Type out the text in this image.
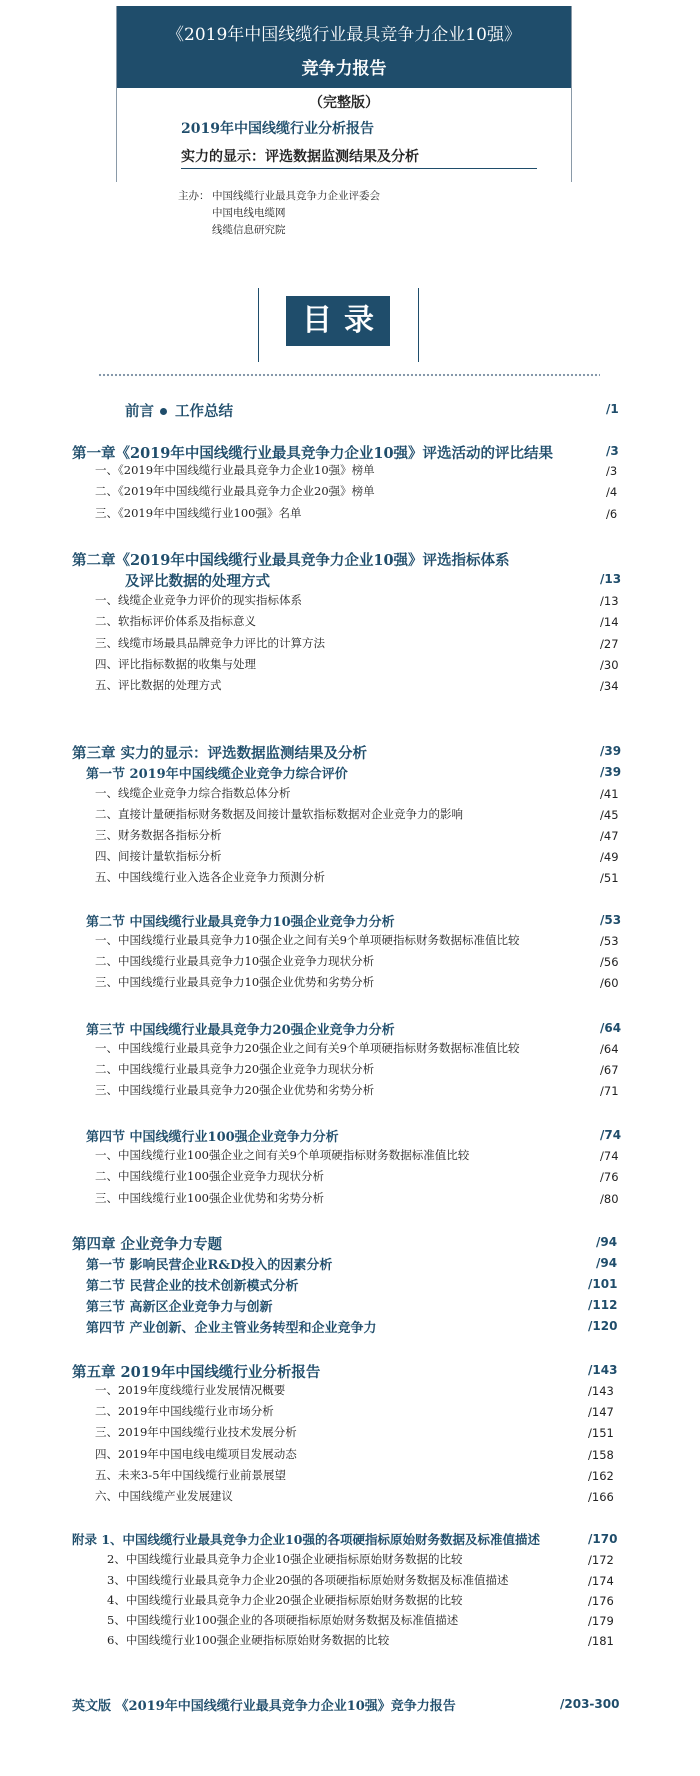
《2019年中国线缆行业最具竞争力企业10强》
竞争力报告
（完整版）
2019年中国线缆行业分析报告
实力的显示：评选数据监测结果及分析
主办： 中国线缆行业最具竞争力企业评委会
中国电线电缆网
线缆信息研究院
目录
前言 工作总结	/1
第一章《2019年中国线缆行业最具竞争力企业10强》评选活动的评比结果	/3
一、《2019年中国线缆行业最具竞争力企业10强》榜单	/3
二、《2019年中国线缆行业最具竞争力企业20强》榜单	/4
三、《2019年中国线缆行业100强》名单	/6
第二章《2019年中国线缆行业最具竞争力企业10强》评选指标体系
及评比数据的处理方式	/13
一、线缆企业竞争力评价的现实指标体系	/13
二、软指标评价体系及指标意义	/14
三、线缆市场最具品牌竞争力评比的计算方法	/27
四、评比指标数据的收集与处理	/30
五、评比数据的处理方式	/34
第三章 实力的显示：评选数据监测结果及分析	/39
第一节 2019年中国线缆企业竞争力综合评价	/39
一、线缆企业竞争力综合指数总体分析	/41
二、直接计量硬指标财务数据及间接计量软指标数据对企业竞争力的影响	/45
三、财务数据各指标分析	/47
四、间接计量软指标分析	/49
五、中国线缆行业入选各企业竞争力预测分析	/51
第二节 中国线缆行业最具竞争力10强企业竞争力分析	/53
一、中国线缆行业最具竞争力10强企业之间有关9个单项硬指标财务数据标准值比较	/53
二、中国线缆行业最具竞争力10强企业竞争力现状分析	/56
三、中国线缆行业最具竞争力10强企业优势和劣势分析	/60
第三节 中国线缆行业最具竞争力20强企业竞争力分析	/64
一、中国线缆行业最具竞争力20强企业之间有关9个单项硬指标财务数据标准值比较	/64
二、中国线缆行业最具竞争力20强企业竞争力现状分析	/67
三、中国线缆行业最具竞争力20强企业优势和劣势分析	/71
第四节 中国线缆行业100强企业竞争力分析	/74
一、中国线缆行业100强企业之间有关9个单项硬指标财务数据标准值比较	/74
二、中国线缆行业100强企业竞争力现状分析	/76
三、中国线缆行业100强企业优势和劣势分析	/80
第四章 企业竞争力专题	/94
第一节 影响民营企业R&D投入的因素分析	/94
第二节 民营企业的技术创新模式分析	/101
第三节 高新区企业竞争力与创新	/112
第四节 产业创新、企业主管业务转型和企业竞争力	/120
第五章 2019年中国线缆行业分析报告	/143
一、2019年度线缆行业发展情况概要	/143
二、2019年中国线缆行业市场分析	/147
三、2019年中国线缆行业技术发展分析	/151
四、2019年中国电线电缆项目发展动态	/158
五、未来3-5年中国线缆行业前景展望	/162
六、中国线缆产业发展建议	/166
附录 1、中国线缆行业最具竞争力企业10强的各项硬指标原始财务数据及标准值描述	/170
2、中国线缆行业最具竞争力企业10强企业硬指标原始财务数据的比较	/172
3、中国线缆行业最具竞争力企业20强的各项硬指标原始财务数据及标准值描述	/174
4、中国线缆行业最具竞争力企业20强企业硬指标原始财务数据的比较	/176
5、中国线缆行业100强企业的各项硬指标原始财务数据及标准值描述	/179
6、中国线缆行业100强企业硬指标原始财务数据的比较	/181
英文版 《2019年中国线缆行业最具竞争力企业10强》竞争力报告	/203-300
